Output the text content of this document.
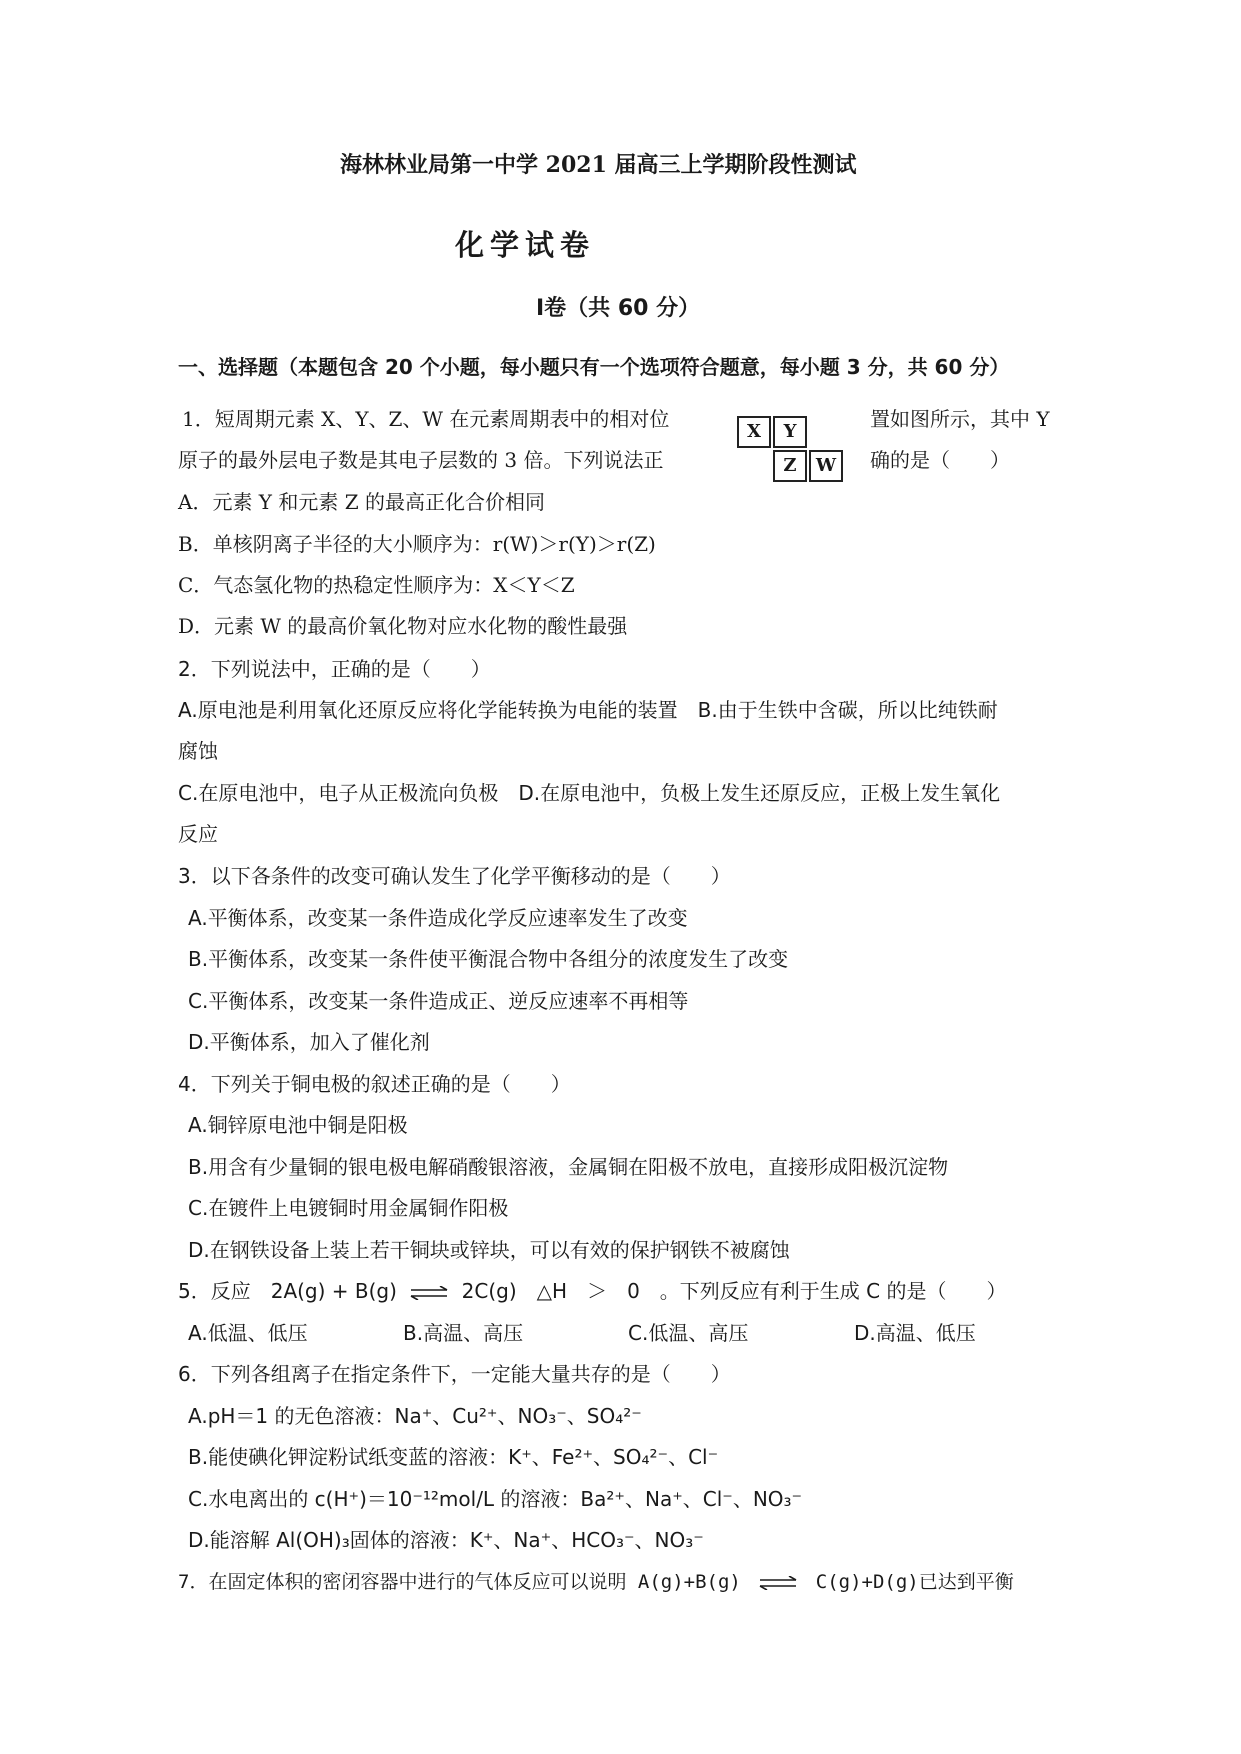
海林林业局第一中学 2021 届高三上学期阶段性测试
化学试卷
Ⅰ卷（共 60 分）
一、选择题（本题包含 20 个小题，每小题只有一个选项符合题意，每小题 3 分，共 60 分）
1．短周期元素 X、Y、Z、W 在元素周期表中的相对位	置如图所示，其中 Y
原子的最外层电子数是其电子层数的 3 倍。下列说法正	确的是（　　）
X	Y
Z	W
A．元素 Y 和元素 Z 的最高正化合价相同
B．单核阴离子半径的大小顺序为：r(W)＞r(Y)＞r(Z)
C．气态氢化物的热稳定性顺序为：X＜Y＜Z
D．元素 W 的最高价氧化物对应水化物的酸性最强
2．下列说法中，正确的是（　　）
A.原电池是利用氧化还原反应将化学能转换为电能的装置　B.由于生铁中含碳，所以比纯铁耐
腐蚀
C.在原电池中，电子从正极流向负极　D.在原电池中，负极上发生还原反应，正极上发生氧化
反应
3．以下各条件的改变可确认发生了化学平衡移动的是（　　）
A.平衡体系，改变某一条件造成化学反应速率发生了改变
B.平衡体系，改变某一条件使平衡混合物中各组分的浓度发生了改变
C.平衡体系，改变某一条件造成正、逆反应速率不再相等
D.平衡体系，加入了催化剂
4．下列关于铜电极的叙述正确的是（　　）
A.铜锌原电池中铜是阳极
B.用含有少量铜的银电极电解硝酸银溶液，金属铜在阳极不放电，直接形成阳极沉淀物
C.在镀件上电镀铜时用金属铜作阳极
D.在钢铁设备上装上若干铜块或锌块，可以有效的保护钢铁不被腐蚀
5．反应　2A(g) + B(g) ⇌ 2C(g)　△H　＞　0　。下列反应有利于生成 C 的是（　　）
A.低温、低压	B.高温、高压	C.低温、高压	D.高温、低压
6．下列各组离子在指定条件下，一定能大量共存的是（　　）
A.pH＝1 的无色溶液：Na⁺、Cu²⁺、NO₃⁻、SO₄²⁻
B.能使碘化钾淀粉试纸变蓝的溶液：K⁺、Fe²⁺、SO₄²⁻、Cl⁻
C.水电离出的 c(H⁺)＝10⁻¹²mol/L 的溶液：Ba²⁺、Na⁺、Cl⁻、NO₃⁻
D.能溶解 Al(OH)₃固体的溶液：K⁺、Na⁺、HCO₃⁻、NO₃⁻
7．在固定体积的密闭容器中进行的气体反应可以说明 A(g)+B(g) ⇌ C(g)+D(g)已达到平衡
